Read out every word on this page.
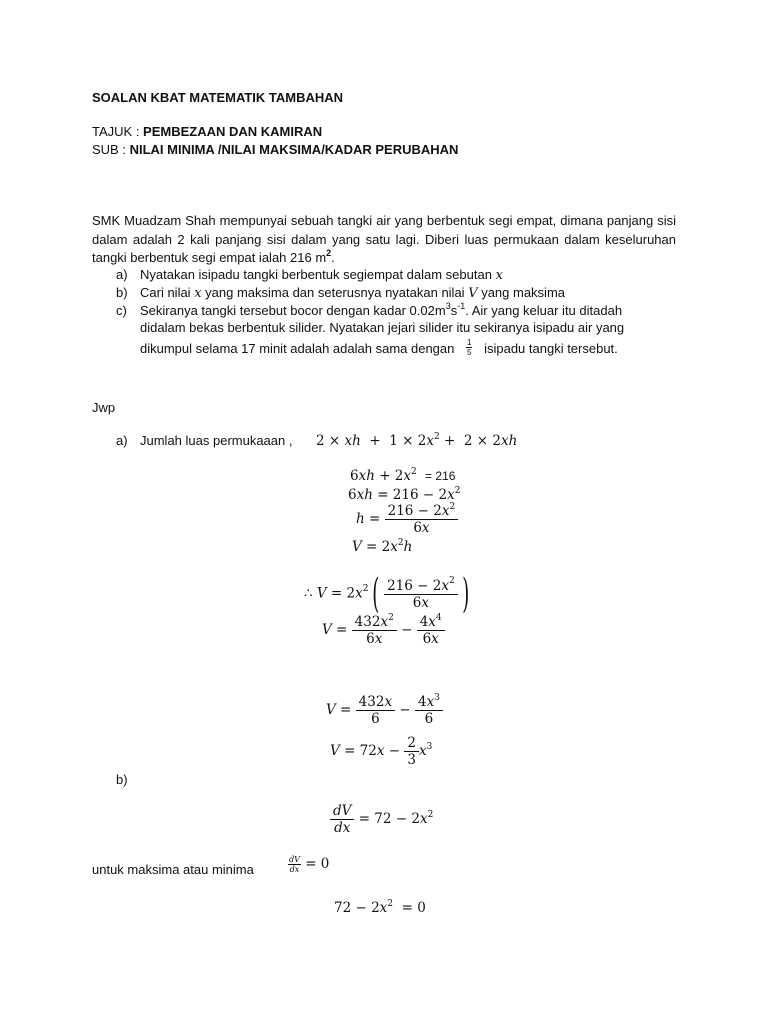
SOALAN KBAT MATEMATIK TAMBAHAN
TAJUK : PEMBEZAAN DAN KAMIRAN
SUB : NILAI MINIMA /NILAI MAKSIMA/KADAR PERUBAHAN
SMK Muadzam Shah mempunyai sebuah tangki air yang berbentuk segi empat, dimana panjang sisi dalam adalah 2 kali panjang sisi dalam yang satu lagi. Diberi luas permukaan dalam keseluruhan tangki berbentuk segi empat ialah 216 $m^2$.
a) Nyatakan isipadu tangki berbentuk segiempat dalam sebutan x
b) Cari nilai x yang maksima dan seterusnya nyatakan nilai V yang maksima
c) Sekiranya tangki tersebut bocor dengan kadar $0.02m^3s^{-1}$. Air yang keluar itu ditadah
didalam bekas berbentuk silider. Nyatakan jejari silider itu sekiranya isipadu air yang
dikumpul selama 17 minit adalah adalah sama dengan $\frac{1}{5}$ isipadu tangki tersebut.
Jwp
a) Jumlah luas permukaaan , 2 × xh  +  $1 \times 2x^2 + 2 \times 2xh$
$6xh + 2x^2 = 216$
$6xh = 216 - 2x^2$
$h = \frac{216 - 2x^2}{6x}$
$V = 2x^2h$
∴ $V = 2x^2$ ( $\frac{216 - 2x^2}{6x}$ )
$V = \frac{432x^2}{6x} - \frac{4x^4}{6x}$
$V = \frac{432x}{6} - \frac{4x^3}{6}$
$V = 72x - \frac{2}{3} x^3$
b)
$\frac{dV}{dx} = 72 - 2x^2$
untuk maksima atau minima	$\frac{dV}{dx} = 0$
$72 - 2x^2 = 0$
